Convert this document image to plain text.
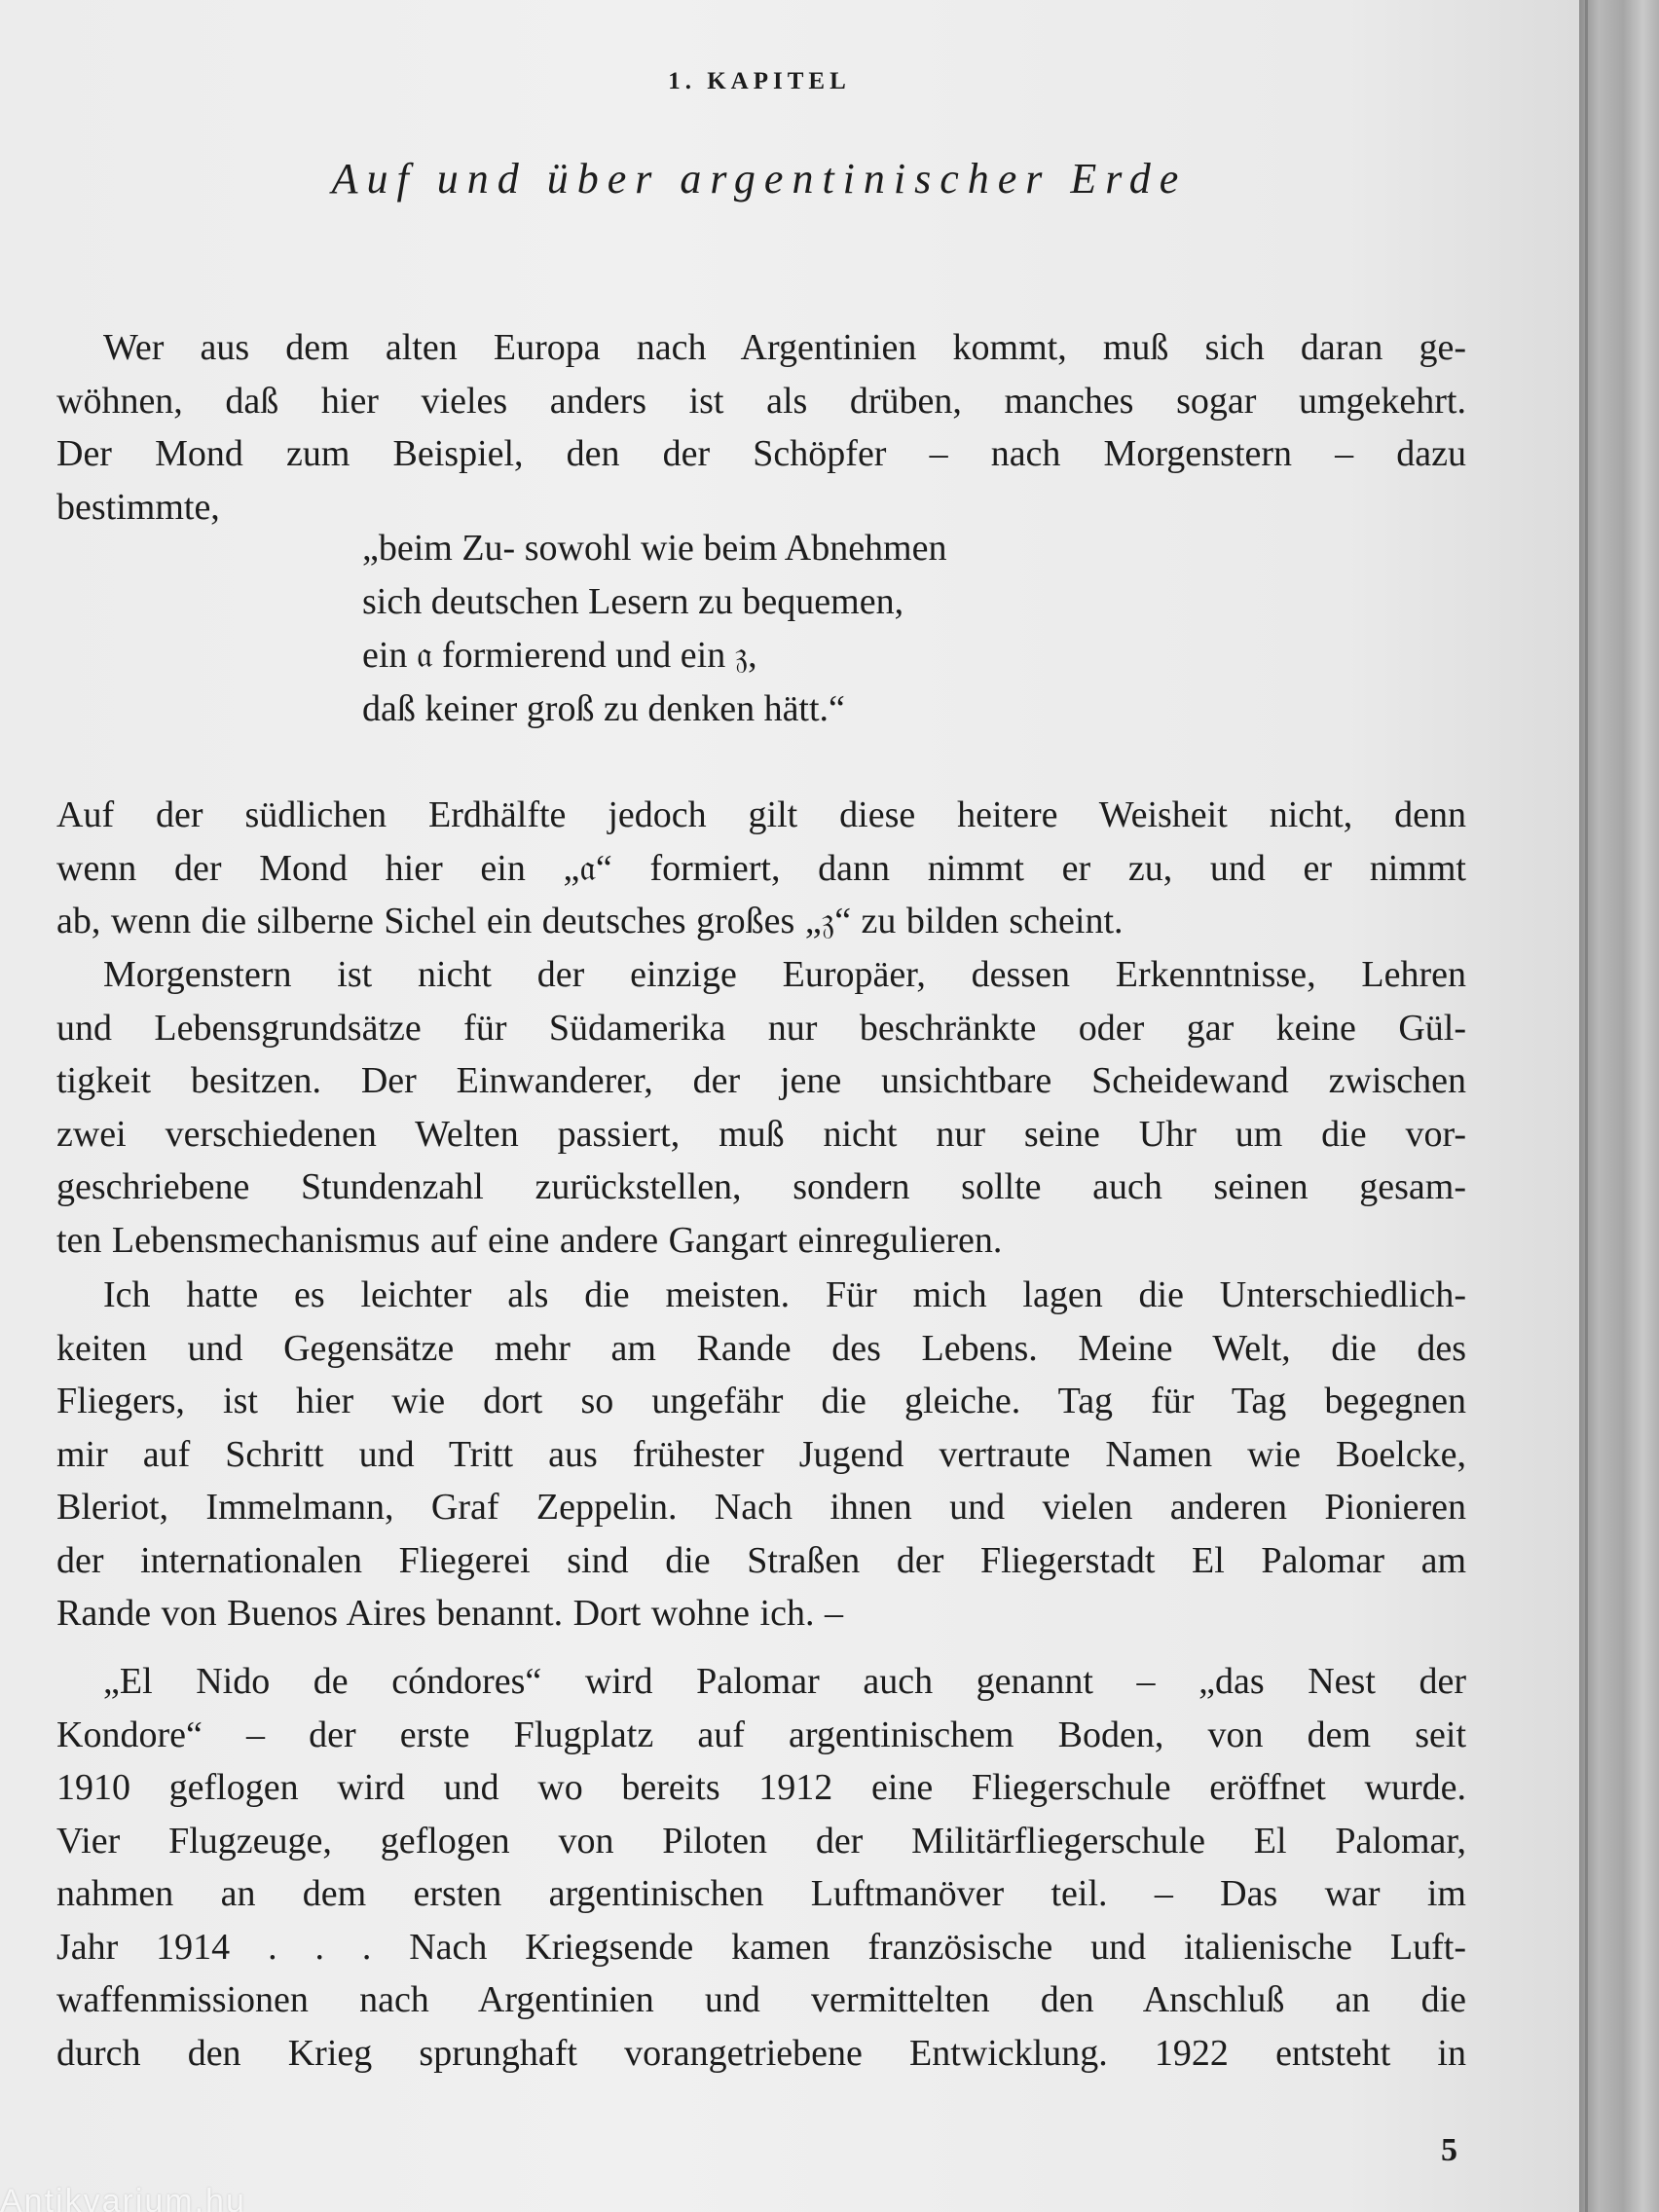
1. KAPITEL
Auf und über argentinischer Erde

Wer aus dem alten Europa nach Argentinien kommt, muß sich daran ge-
wöhnen, daß hier vieles anders ist als drüben, manches sogar umgekehrt.
Der Mond zum Beispiel, den der Schöpfer – nach Morgenstern – dazu
bestimmte,

„beim Zu- sowohl wie beim Abnehmen
sich deutschen Lesern zu bequemen,
ein 𝔞 formierend und ein 𝔷,
daß keiner groß zu denken hätt.“

Auf der südlichen Erdhälfte jedoch gilt diese heitere Weisheit nicht, denn
wenn der Mond hier ein „𝔞“ formiert, dann nimmt er zu, und er nimmt
ab, wenn die silberne Sichel ein deutsches großes „𝔷“ zu bilden scheint.

Morgenstern ist nicht der einzige Europäer, dessen Erkenntnisse, Lehren
und Lebensgrundsätze für Südamerika nur beschränkte oder gar keine Gül-
tigkeit besitzen. Der Einwanderer, der jene unsichtbare Scheidewand zwischen
zwei verschiedenen Welten passiert, muß nicht nur seine Uhr um die vor-
geschriebene Stundenzahl zurückstellen, sondern sollte auch seinen gesam-
ten Lebensmechanismus auf eine andere Gangart einregulieren.

Ich hatte es leichter als die meisten. Für mich lagen die Unterschiedlich-
keiten und Gegensätze mehr am Rande des Lebens. Meine Welt, die des
Fliegers, ist hier wie dort so ungefähr die gleiche. Tag für Tag begegnen
mir auf Schritt und Tritt aus frühester Jugend vertraute Namen wie Boelcke,
Bleriot, Immelmann, Graf Zeppelin. Nach ihnen und vielen anderen Pionieren
der internationalen Fliegerei sind die Straßen der Fliegerstadt El Palomar am
Rande von Buenos Aires benannt. Dort wohne ich. –

„El Nido de cóndores“ wird Palomar auch genannt – „das Nest der
Kondore“ – der erste Flugplatz auf argentinischem Boden, von dem seit
1910 geflogen wird und wo bereits 1912 eine Fliegerschule eröffnet wurde.
Vier Flugzeuge, geflogen von Piloten der Militärfliegerschule El Palomar,
nahmen an dem ersten argentinischen Luftmanöver teil. – Das war im
Jahr 1914 . . . Nach Kriegsende kamen französische und italienische Luft-
waffenmissionen nach Argentinien und vermittelten den Anschluß an die
durch den Krieg sprunghaft vorangetriebene Entwicklung. 1922 entsteht in

5
Antikvarium.hu
